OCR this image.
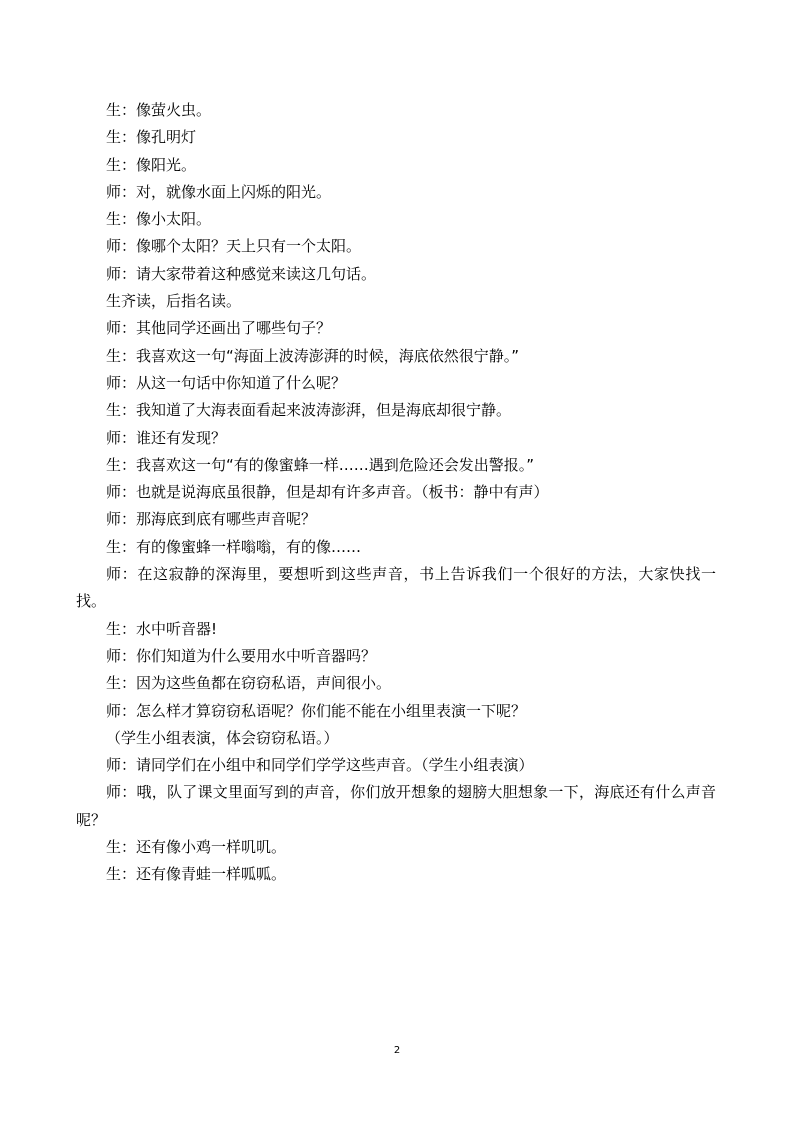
生：像萤火虫。

生：像孔明灯

生：像阳光。

师：对，就像水面上闪烁的阳光。

生：像小太阳。

师：像哪个太阳？天上只有一个太阳。

师：请大家带着这种感觉来读这几句话。

生齐读，后指名读。

师：其他同学还画出了哪些句子？

生：我喜欢这一句“海面上波涛澎湃的时候，海底依然很宁静。”

师：从这一句话中你知道了什么呢？

生：我知道了大海表面看起来波涛澎湃，但是海底却很宁静。

师：谁还有发现？

生：我喜欢这一句“有的像蜜蜂一样……遇到危险还会发出警报。”

师：也就是说海底虽很静，但是却有许多声音。（板书：静中有声）

师：那海底到底有哪些声音呢？

生：有的像蜜蜂一样嗡嗡，有的像……

师：在这寂静的深海里，要想听到这些声音，书上告诉我们一个很好的方法，大家快找一找。

生：水中听音器!

师：你们知道为什么要用水中听音器吗？

生：因为这些鱼都在窃窃私语，声间很小。

师：怎么样才算窃窃私语呢？你们能不能在小组里表演一下呢？

（学生小组表演，体会窃窃私语。）

师：请同学们在小组中和同学们学学这些声音。（学生小组表演）

师：哦，队了课文里面写到的声音，你们放开想象的翅膀大胆想象一下，海底还有什么声音呢？

生：还有像小鸡一样叽叽。

生：还有像青蛙一样呱呱。

2
